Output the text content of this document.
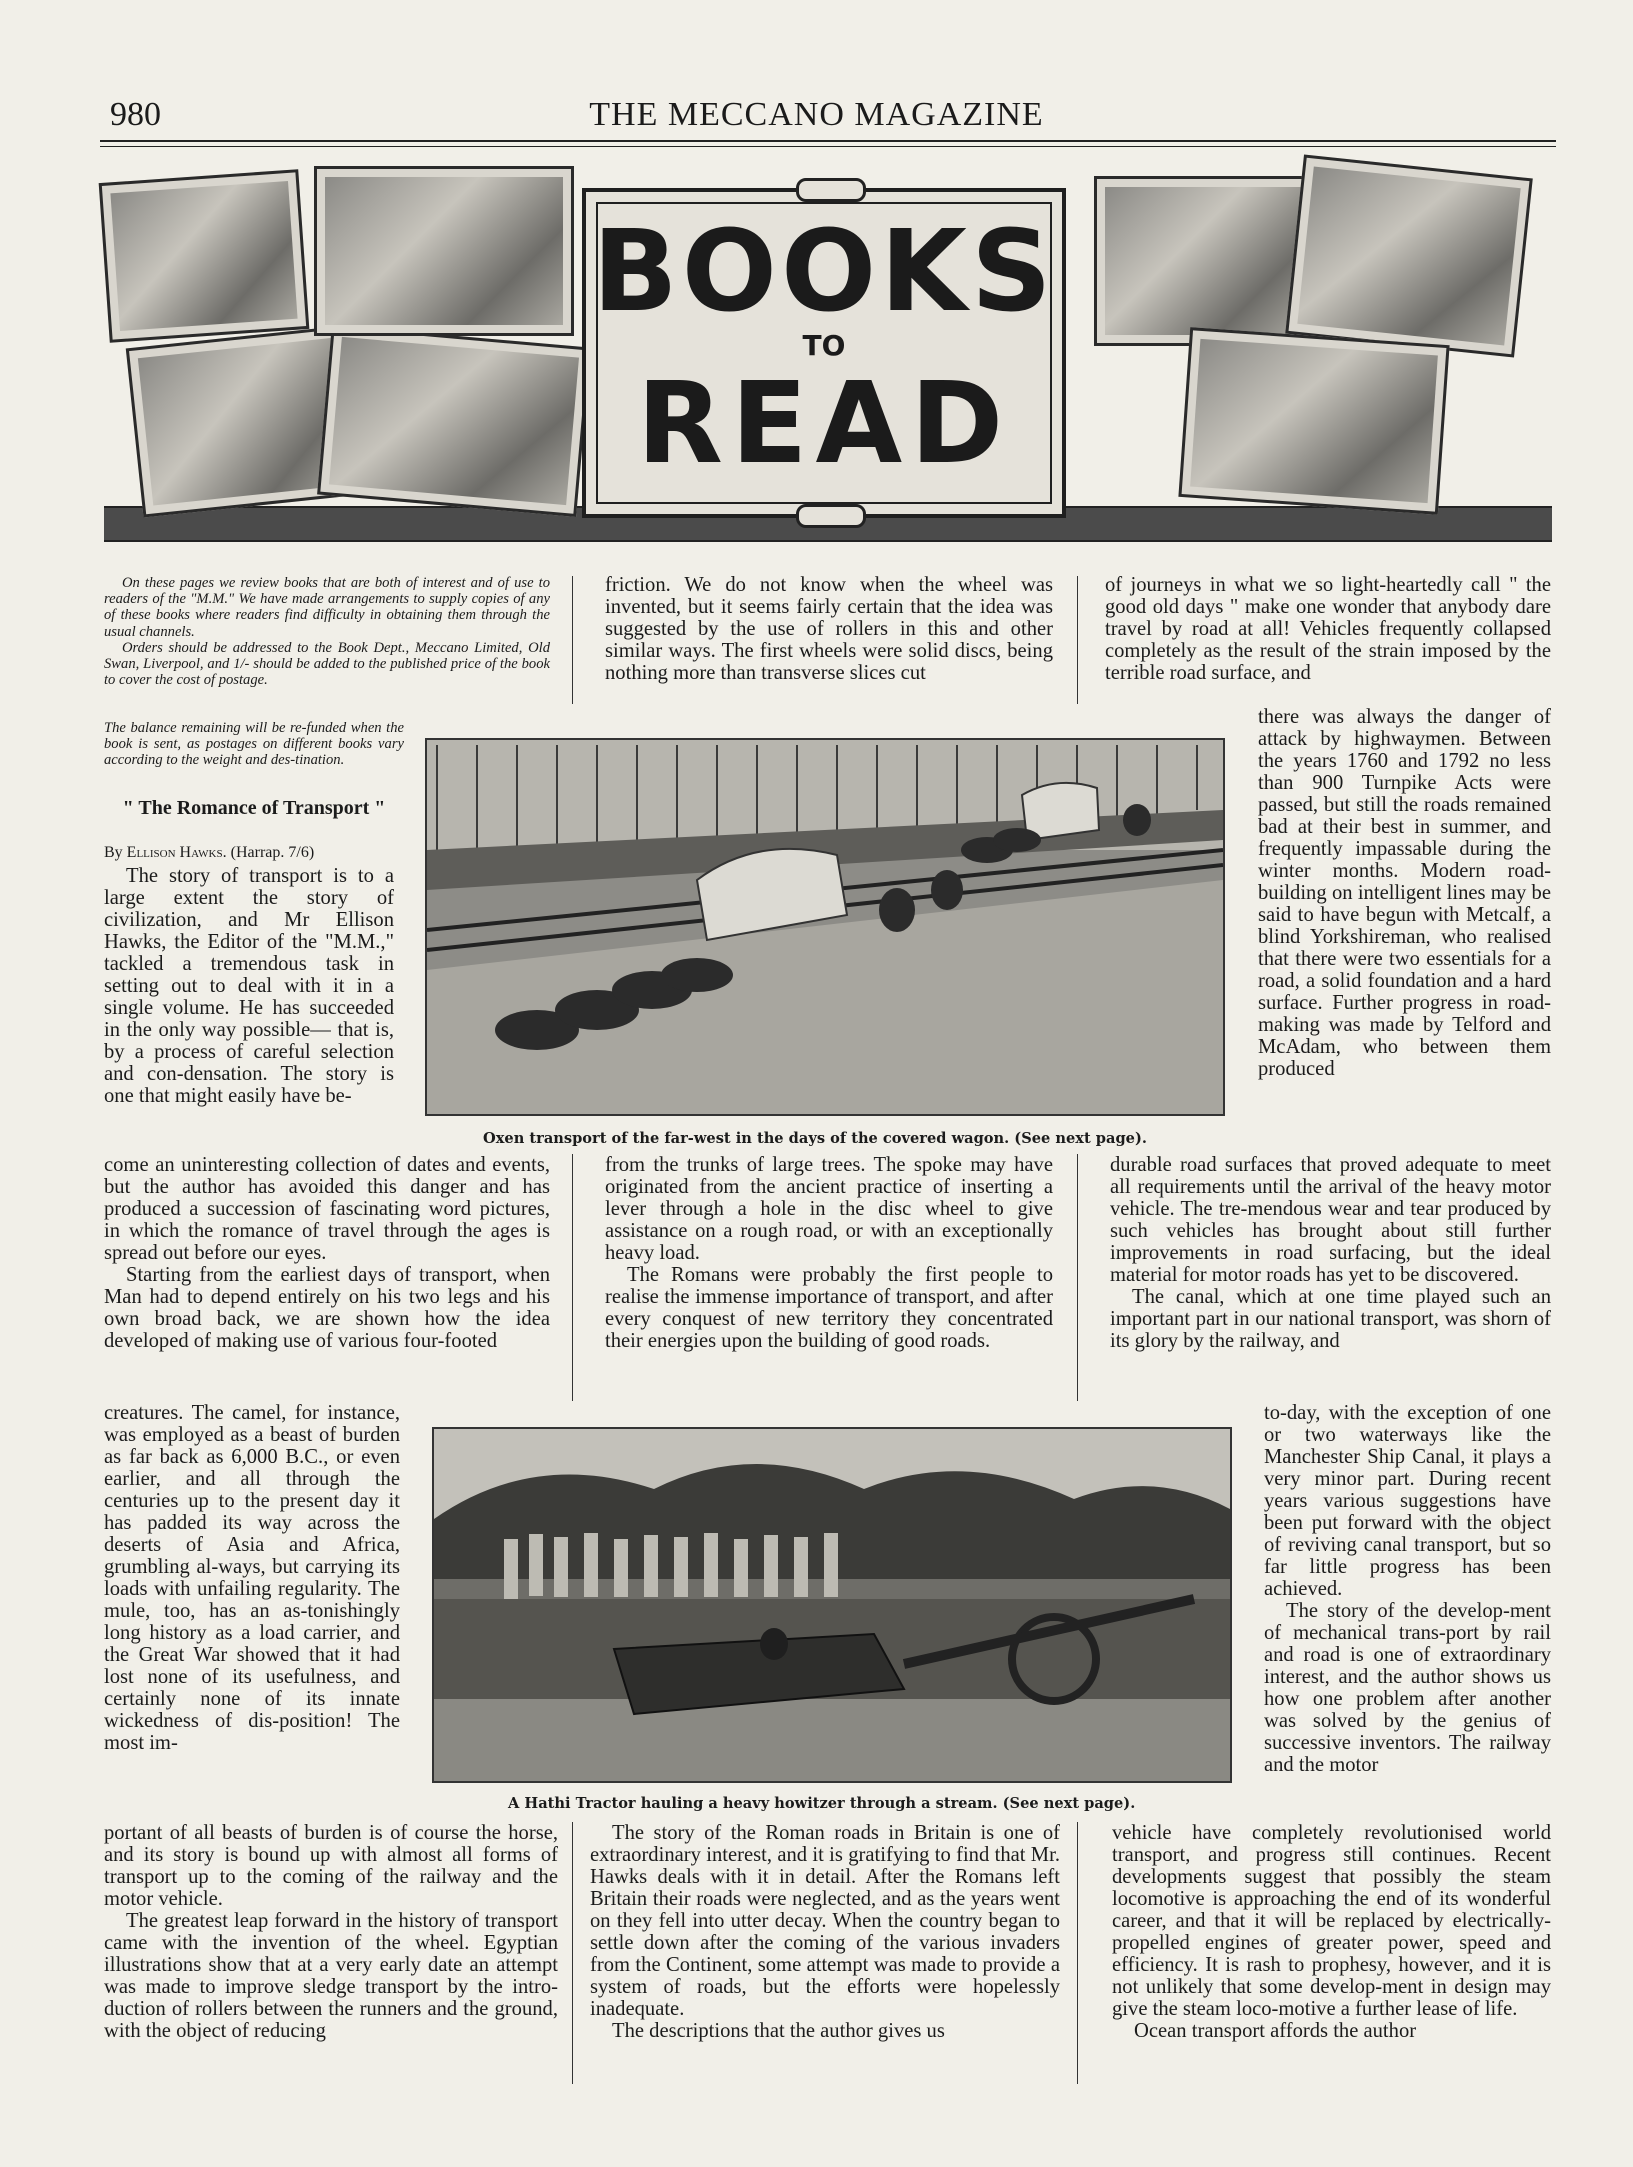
980	THE MECCANO MAGAZINE
BOOKS
TO
READ

On these pages we review books that are both of interest and of use to readers of the "M.M." We have made arrangements to supply copies of any of these books where readers find difficulty in obtaining them through the usual channels.

Orders should be addressed to the Book Dept., Meccano Limited, Old Swan, Liverpool, and 1/- should be added to the published price of the book to cover the cost of postage.

The balance remaining will be re-funded when the book is sent, as postages on different books vary according to the weight and des-tination.

" The Romance of Transport "
By Ellison Hawks. (Harrap. 7/6)

The story of transport is to a large extent the story of civilization, and Mr Ellison Hawks, the Editor of the "M.M.," tackled a tremendous task in setting out to deal with it in a single volume. He has succeeded in the only way possible— that is, by a process of careful selection and con-densation. The story is one that might easily have be-

come an uninteresting collection of dates and events, but the author has avoided this danger and has produced a succession of fascinating word pictures, in which the romance of travel through the ages is spread out before our eyes.

Starting from the earliest days of transport, when Man had to depend entirely on his two legs and his own broad back, we are shown how the idea developed of making use of various four-footed

creatures. The camel, for instance, was employed as a beast of burden as far back as 6,000 B.C., or even earlier, and all through the centuries up to the present day it has padded its way across the deserts of Asia and Africa, grumbling al-ways, but carrying its loads with unfailing regularity. The mule, too, has an as-tonishingly long history as a load carrier, and the Great War showed that it had lost none of its usefulness, and certainly none of its innate wickedness of dis-position! The most im-

portant of all beasts of burden is of course the horse, and its story is bound up with almost all forms of transport up to the coming of the railway and the motor vehicle.

The greatest leap forward in the history of transport came with the invention of the wheel. Egyptian illustrations show that at a very early date an attempt was made to improve sledge transport by the intro-duction of rollers between the runners and the ground, with the object of reducing

friction. We do not know when the wheel was invented, but it seems fairly certain that the idea was suggested by the use of rollers in this and other similar ways. The first wheels were solid discs, being nothing more than transverse slices cut

from the trunks of large trees. The spoke may have originated from the ancient practice of inserting a lever through a hole in the disc wheel to give assistance on a rough road, or with an exceptionally heavy load.

The Romans were probably the first people to realise the immense importance of transport, and after every conquest of new territory they concentrated their energies upon the building of good roads.

The story of the Roman roads in Britain is one of extraordinary interest, and it is gratifying to find that Mr. Hawks deals with it in detail. After the Romans left Britain their roads were neglected, and as the years went on they fell into utter decay. When the country began to settle down after the coming of the various invaders from the Continent, some attempt was made to provide a system of roads, but the efforts were hopelessly inadequate.

The descriptions that the author gives us

of journeys in what we so light-heartedly call " the good old days " make one wonder that anybody dare travel by road at all! Vehicles frequently collapsed completely as the result of the strain imposed by the terrible road surface, and

there was always the danger of attack by highwaymen. Between the years 1760 and 1792 no less than 900 Turnpike Acts were passed, but still the roads remained bad at their best in summer, and frequently impassable during the winter months. Modern road-building on intelligent lines may be said to have begun with Metcalf, a blind Yorkshireman, who realised that there were two essentials for a road, a solid foundation and a hard surface. Further progress in road-making was made by Telford and McAdam, who between them produced

durable road surfaces that proved adequate to meet all requirements until the arrival of the heavy motor vehicle. The tre-mendous wear and tear produced by such vehicles has brought about still further improvements in road surfacing, but the ideal material for motor roads has yet to be discovered.

The canal, which at one time played such an important part in our national transport, was shorn of its glory by the railway, and

to-day, with the exception of one or two waterways like the Manchester Ship Canal, it plays a very minor part. During recent years various suggestions have been put forward with the object of reviving canal transport, but so far little progress has been achieved.

The story of the develop-ment of mechanical trans-port by rail and road is one of extraordinary interest, and the author shows us how one problem after another was solved by the genius of successive inventors. The railway and the motor

vehicle have completely revolutionised world transport, and progress still continues. Recent developments suggest that possibly the steam locomotive is approaching the end of its wonderful career, and that it will be replaced by electrically-propelled engines of greater power, speed and efficiency. It is rash to prophesy, however, and it is not unlikely that some develop-ment in design may give the steam loco-motive a further lease of life.

Ocean transport affords the author

Oxen transport of the far-west in the days of the covered wagon. (See next page).
A Hathi Tractor hauling a heavy howitzer through a stream. (See next page).
